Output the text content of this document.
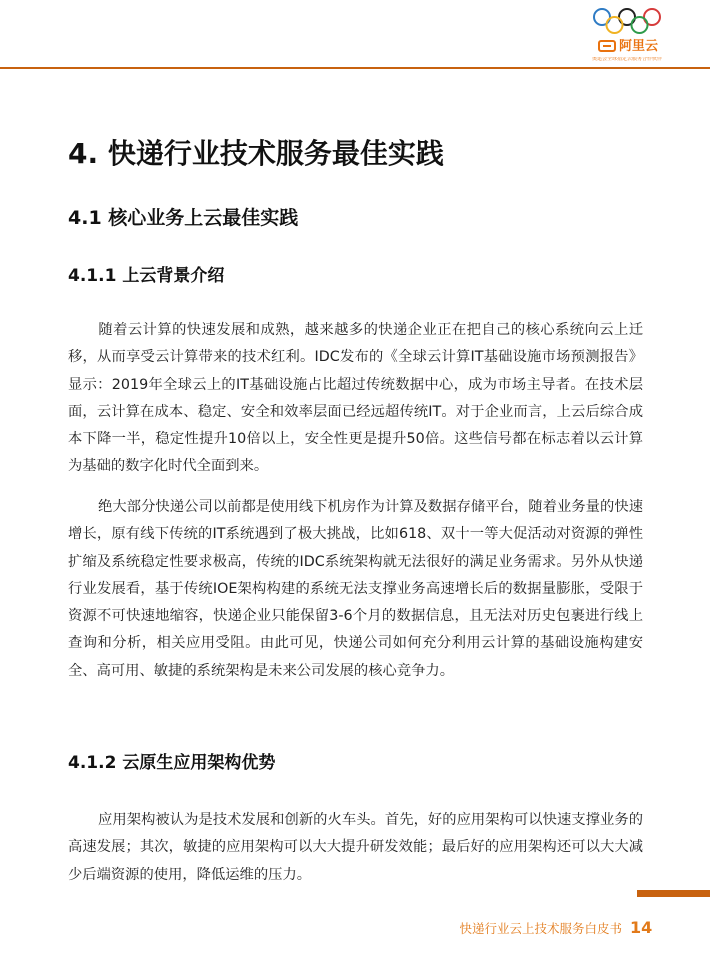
阿里云
奥运会全球指定云服务合作伙伴
4. 快递行业技术服务最佳实践
4.1 核心业务上云最佳实践
4.1.1 上云背景介绍

随着云计算的快速发展和成熟，越来越多的快递企业正在把自己的核心系统向云上迁移，从而享受云计算带来的技术红利。IDC发布的《全球云计算IT基础设施市场预测报告》显示：2019年全球云上的IT基础设施占比超过传统数据中心，成为市场主导者。在技术层面，云计算在成本、稳定、安全和效率层面已经远超传统IT。对于企业而言，上云后综合成本下降一半，稳定性提升10倍以上，安全性更是提升50倍。这些信号都在标志着以云计算为基础的数字化时代全面到来。

绝大部分快递公司以前都是使用线下机房作为计算及数据存储平台，随着业务量的快速增长，原有线下传统的IT系统遇到了极大挑战，比如618、双十一等大促活动对资源的弹性扩缩及系统稳定性要求极高，传统的IDC系统架构就无法很好的满足业务需求。另外从快递行业发展看，基于传统IOE架构构建的系统无法支撑业务高速增长后的数据量膨胀，受限于资源不可快速地缩容，快递企业只能保留3-6个月的数据信息，且无法对历史包裹进行线上查询和分析，相关应用受阻。由此可见，快递公司如何充分利用云计算的基础设施构建安全、高可用、敏捷的系统架构是未来公司发展的核心竞争力。

4.1.2 云原生应用架构优势

应用架构被认为是技术发展和创新的火车头。首先，好的应用架构可以快速支撑业务的高速发展；其次，敏捷的应用架构可以大大提升研发效能；最后好的应用架构还可以大大减少后端资源的使用，降低运维的压力。

快递行业云上技术服务白皮书 14
